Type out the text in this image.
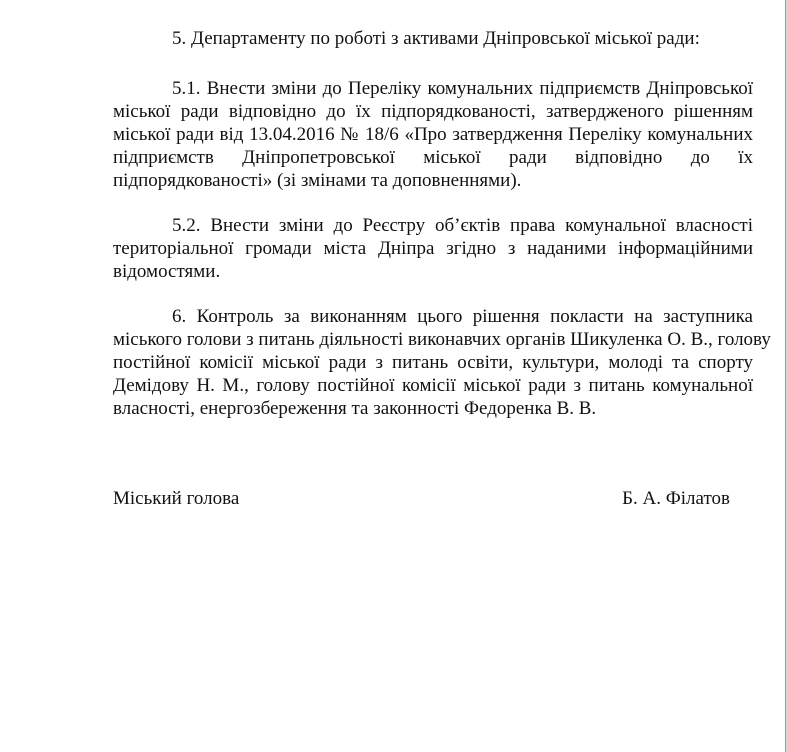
5. Департаменту по роботі з активами Дніпровської міської ради:
5.1. Внести зміни до Переліку комунальних підприємств Дніпровської
міської ради відповідно до їх підпорядкованості, затвердженого рішенням
міської ради від 13.04.2016 № 18/6 «Про затвердження Переліку комунальних
підприємств Дніпропетровської міської ради відповідно до їх
підпорядкованості» (зі змінами та доповненнями).
5.2. Внести зміни до Реєстру об’єктів права комунальної власності
територіальної громади міста Дніпра згідно з наданими інформаційними
відомостями.
6. Контроль за виконанням цього рішення покласти на заступника
міського голови з питань діяльності виконавчих органів Шикуленка О. В., голову
постійної комісії міської ради з питань освіти, культури, молоді та спорту
Демідову Н. М., голову постійної комісії міської ради з питань комунальної
власності, енергозбереження та законності Федоренка В. В.
Міський голова	Б. А. Філатов
